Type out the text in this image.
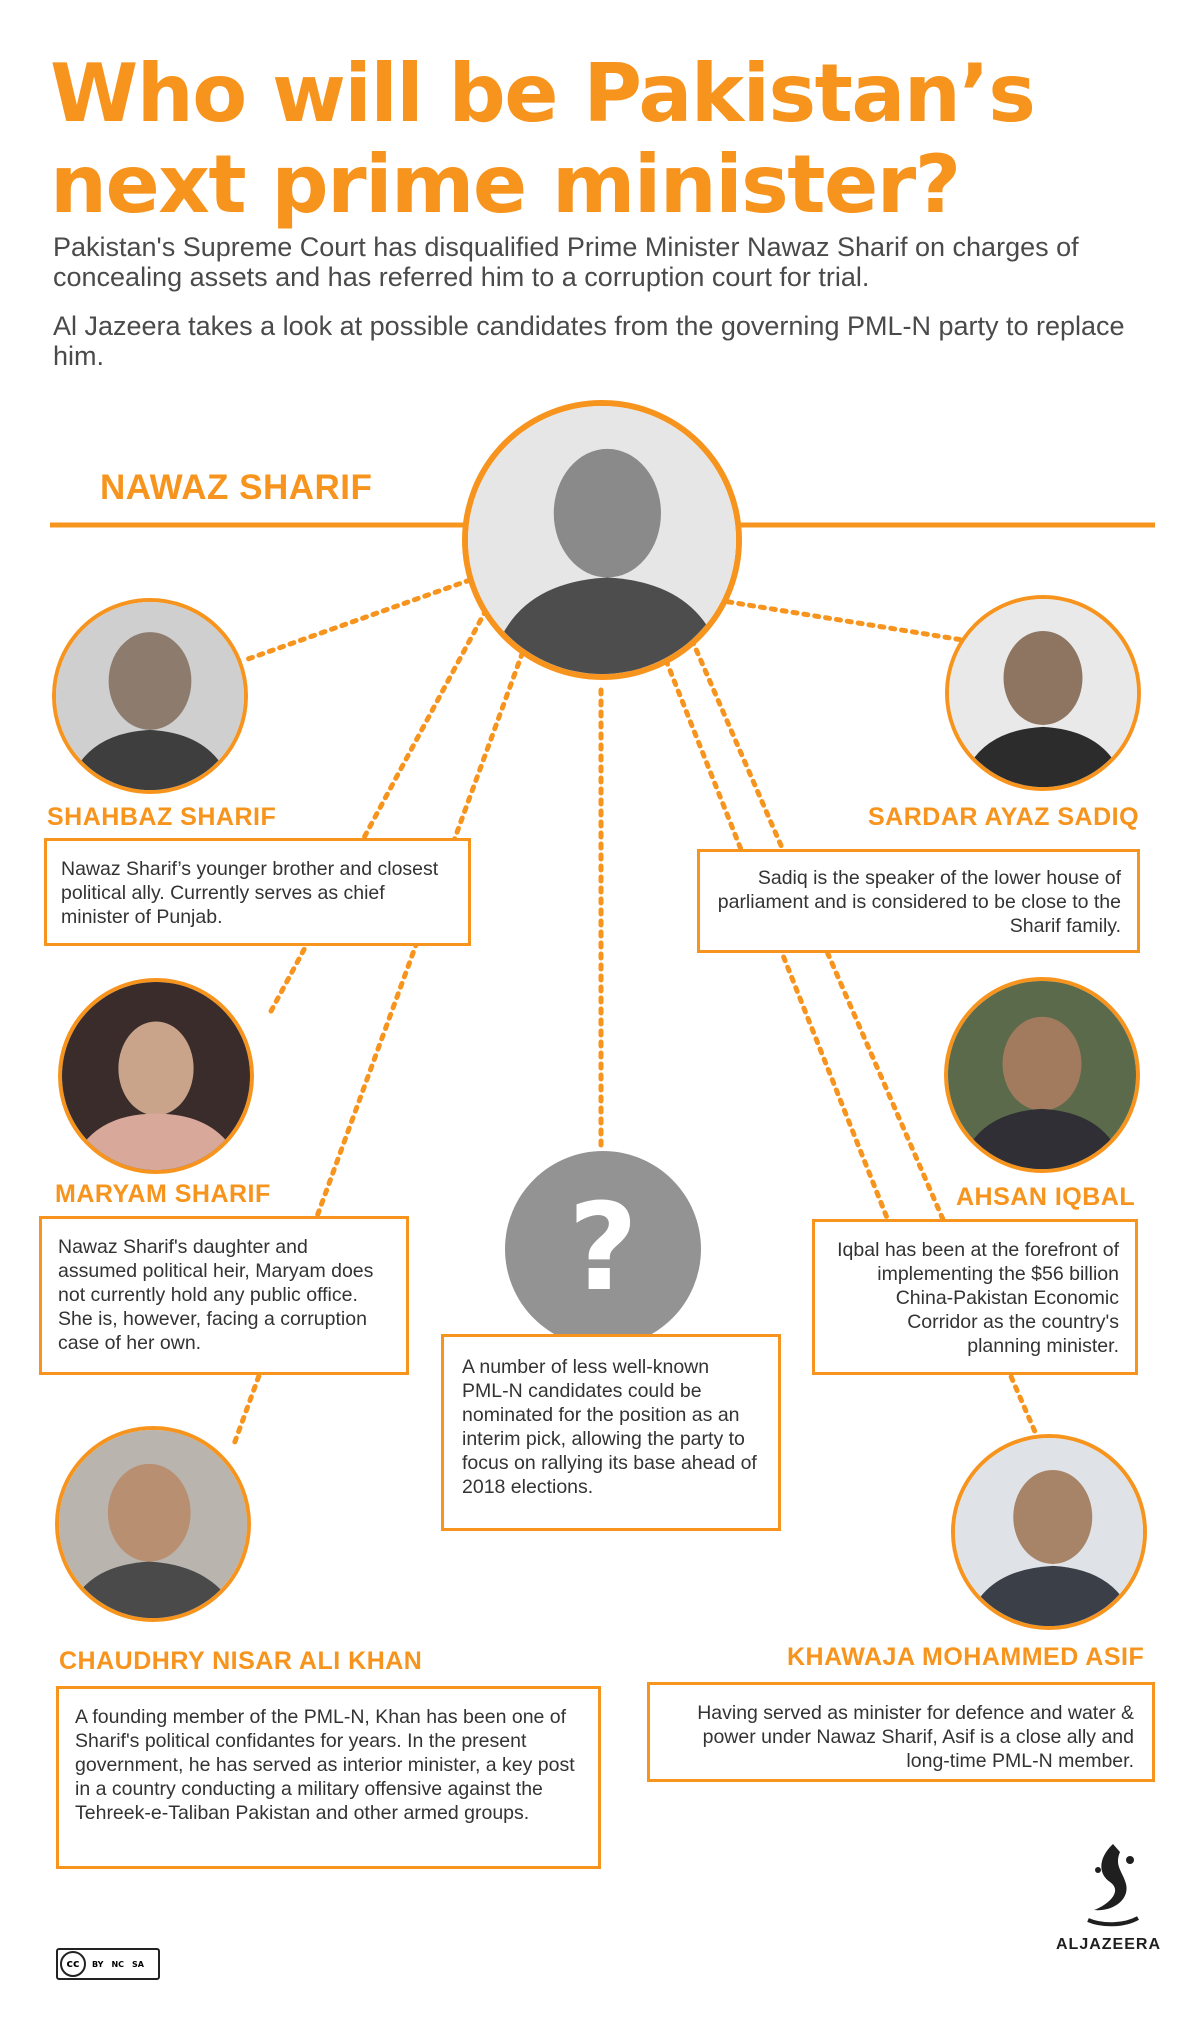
Who will be Pakistan’s
next prime minister?

Pakistan's Supreme Court has disqualified Prime Minister Nawaz Sharif on charges of concealing assets and has referred him to a corruption court for trial.

Al Jazeera takes a look at possible candidates from the governing PML-N party to replace him.

NAWAZ SHARIF
SHAHBAZ SHARIF

Nawaz Sharif’s younger brother and closest political ally. Currently serves as chief minister of Punjab.

SARDAR AYAZ SADIQ

Sadiq is the speaker of the lower house of parliament and is considered to be close to the Sharif family.

MARYAM SHARIF

Nawaz Sharif's daughter and assumed political heir, Maryam does not currently hold any public office. She is, however, facing a corruption case of her own.

?

A number of less well-known PML-N candidates could be nominated for the position as an interim pick, allowing the party to focus on rallying its base ahead of 2018 elections.

AHSAN IQBAL

Iqbal has been at the forefront of implementing the $56 billion China-Pakistan Economic Corridor as the country's planning minister.

CHAUDHRY NISAR ALI KHAN

A founding member of the PML-N, Khan has been one of Sharif's political confidantes for years. In the present government, he has served as interior minister, a key post in a country conducting a military offensive against the Tehreek-e-Taliban Pakistan and other armed groups.

KHAWAJA MOHAMMED ASIF

Having served as minister for defence and water & power under Nawaz Sharif, Asif is a close ally and long-time PML-N member.

cc	BY NC SA
ALJAZEERA
